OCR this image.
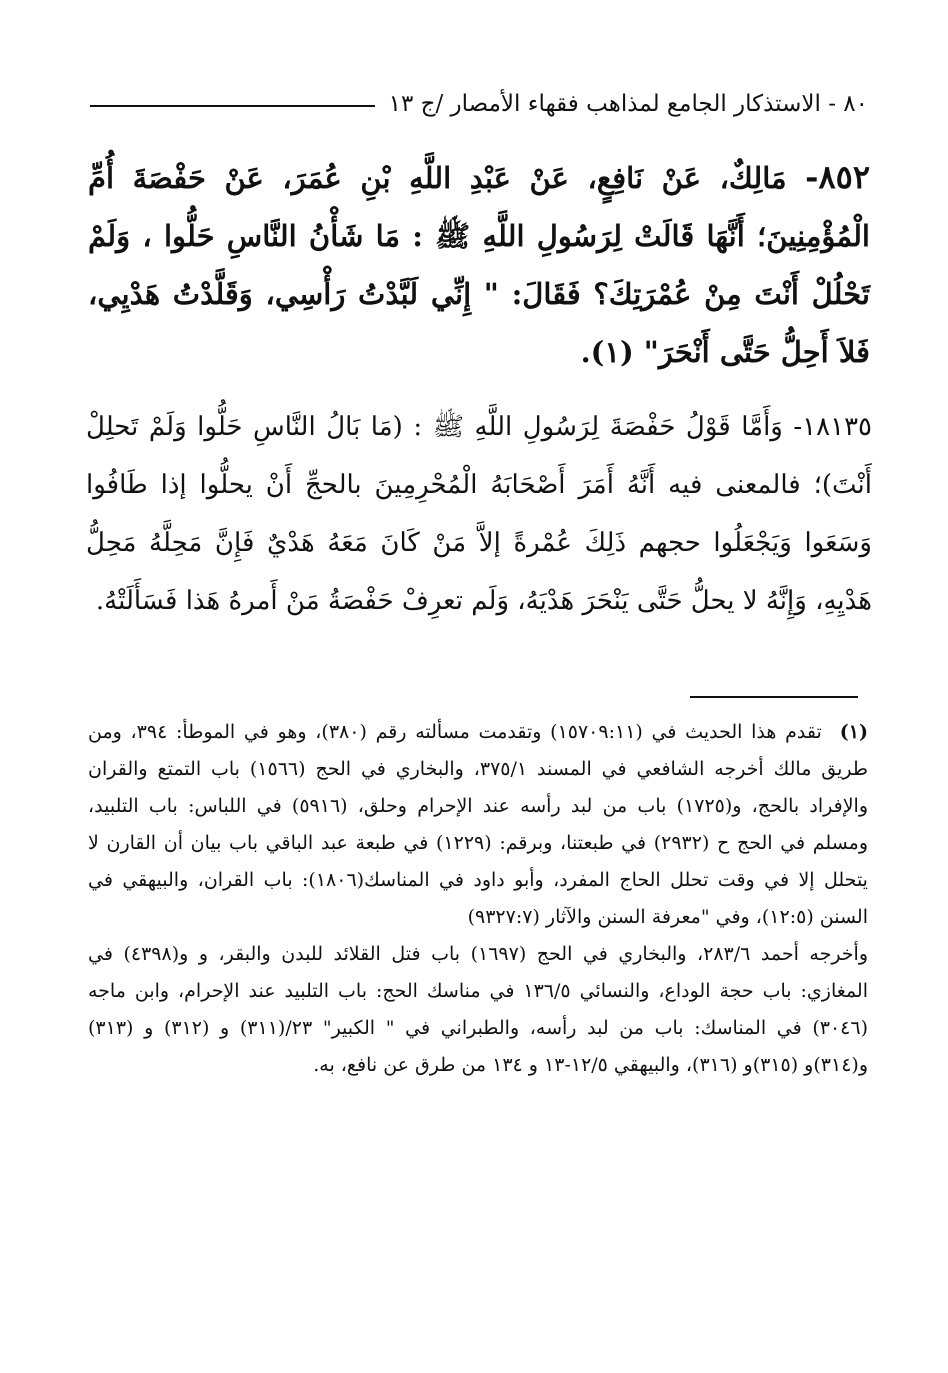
٨٠ - الاستذكار الجامع لمذاهب فقهاء الأمصار /ج ١٣
٨٥٢- مَالِكٌ، عَنْ نَافِعٍ، عَنْ عَبْدِ اللَّهِ بْنِ عُمَرَ، عَنْ حَفْصَةَ أُمِّ الْمُؤْمِنِينَ؛ أَنَّهَا قَالَتْ لِرَسُولِ اللَّهِ ﷺ : مَا شَأْنُ النَّاسِ حَلُّوا ، وَلَمْ تَحْلُلْ أَنْتَ مِنْ عُمْرَتِكَ؟ فَقَالَ: " إِنِّي لَبَّدْتُ رَأْسِي، وَقَلَّدْتُ هَدْيِي، فَلاَ أَحِلُّ حَتَّى أَنْحَرَ" (١).
١٨١٣٥- وَأَمَّا قَوْلُ حَفْصَةَ لِرَسُولِ اللَّهِ ﷺ : (مَا بَالُ النَّاسِ حَلُّوا وَلَمْ تَحلِلْ أَنْتَ)؛ فالمعنى فيه أَنَّهُ أَمَرَ أَصْحَابَهُ الْمُحْرِمِينَ بالحجِّ أَنْ يحلُّوا إذا طَافُوا وَسَعَوا وَيَجْعَلُوا حجهم ذَلِكَ عُمْرةً إلاَّ مَنْ كَانَ مَعَهُ هَدْيٌ فَإِنَّ مَحِلَّهُ مَحِلُّ هَدْيِهِ، وَإِنَّهُ لا يحلُّ حَتَّى يَنْحَرَ هَدْيَهُ، وَلَم تعرِفْ حَفْصَةُ مَنْ أَمرهُ هَذا فَسَأَلَتْهُ.

(١)تقدم هذا الحديث في (١٥٧٠٩:١١) وتقدمت مسألته رقم (٣٨٠)، وهو في الموطأ: ٣٩٤، ومن طريق مالك أخرجه الشافعي في المسند ٣٧٥/١، والبخاري في الحج (١٥٦٦) باب التمتع والقران والإفراد بالحج، و(١٧٢٥) باب من لبد رأسه عند الإحرام وحلق، (٥٩١٦) في اللباس: باب التلبيد، ومسلم في الحج ح (٢٩٣٢) في طبعتنا، وبرقم: (١٢٢٩) في طبعة عبد الباقي باب بيان أن القارن لا يتحلل إلا في وقت تحلل الحاج المفرد، وأبو داود في المناسك(١٨٠٦): باب القران، والبيهقي في السنن (١٢:٥)، وفي "معرفة السنن والآثار (٩٣٢٧:٧)

وأخرجه أحمد ٢٨٣/٦، والبخاري في الحج (١٦٩٧) باب فتل القلائد للبدن والبقر، و و(٤٣٩٨) في المغازي: باب حجة الوداع، والنسائي ١٣٦/٥ في مناسك الحج: باب التلبيد عند الإحرام، وابن ماجه (٣٠٤٦) في المناسك: باب من لبد رأسه، والطبراني في " الكبير" ٢٣/(٣١١) و (٣١٢) و (٣١٣) و(٣١٤)و (٣١٥)و (٣١٦)، والبيهقي ١٢/٥-١٣ و ١٣٤ من طرق عن نافع، به.
